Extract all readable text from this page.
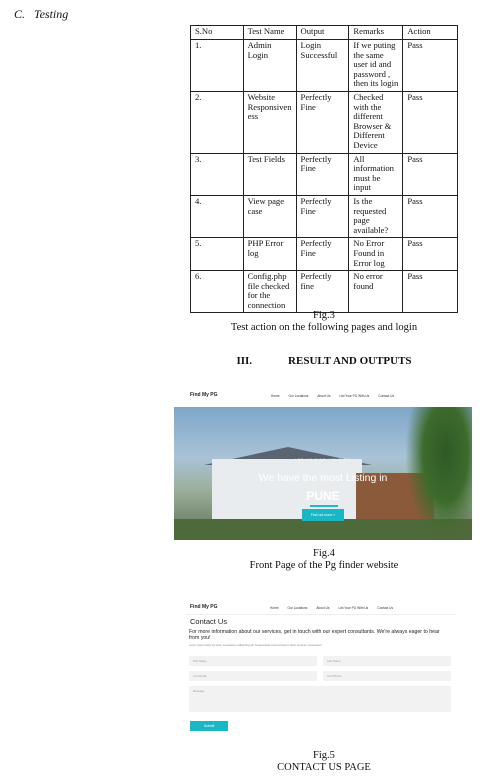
C. Testing
S.No	Test Name	Output	Remarks	Action
1.	Admin Login	Login Successful	If we puting the same user id and password , then its login	Pass
2.	Website Responsiven ess	Perfectly Fine	Checked with the different Browser & Different Device	Pass
3.	Test Fields	Perfectly Fine	All information must be input	Pass
4.	View page case	Perfectly Fine	Is the requested page available?	Pass
5.	PHP Error log	Perfectly Fine	No Error Found in Error log	Pass
6.	Config.php file checked for the connection	Perfectly fine	No error found	Pass
Fig.3
Test action on the following pages and login
III.	RESULT AND OUTPUTS
Find My PG	Home	Our Locations	About Us	List Your PG With Us	Contact Us
LET US FIND YOUR PG
We have the most Listing in
PUNE
Find out more >
Fig.4
Front Page of the Pg finder website
Find My PG	Home	Our Locations	About Us	List Your PG With Us	Contact Us
Contact Us
For more information about our services, get in touch with our expert consultants. We're always eager to hear from you!
Lorem ipsum dolor sit amet, consectetur adipiscing elit. Suspendisse euismod ipsum dolor sit amet, consectetur.
First Name	Last Name
Your Email	Your Phone
Message
Submit
Fig.5
CONTACT US PAGE
